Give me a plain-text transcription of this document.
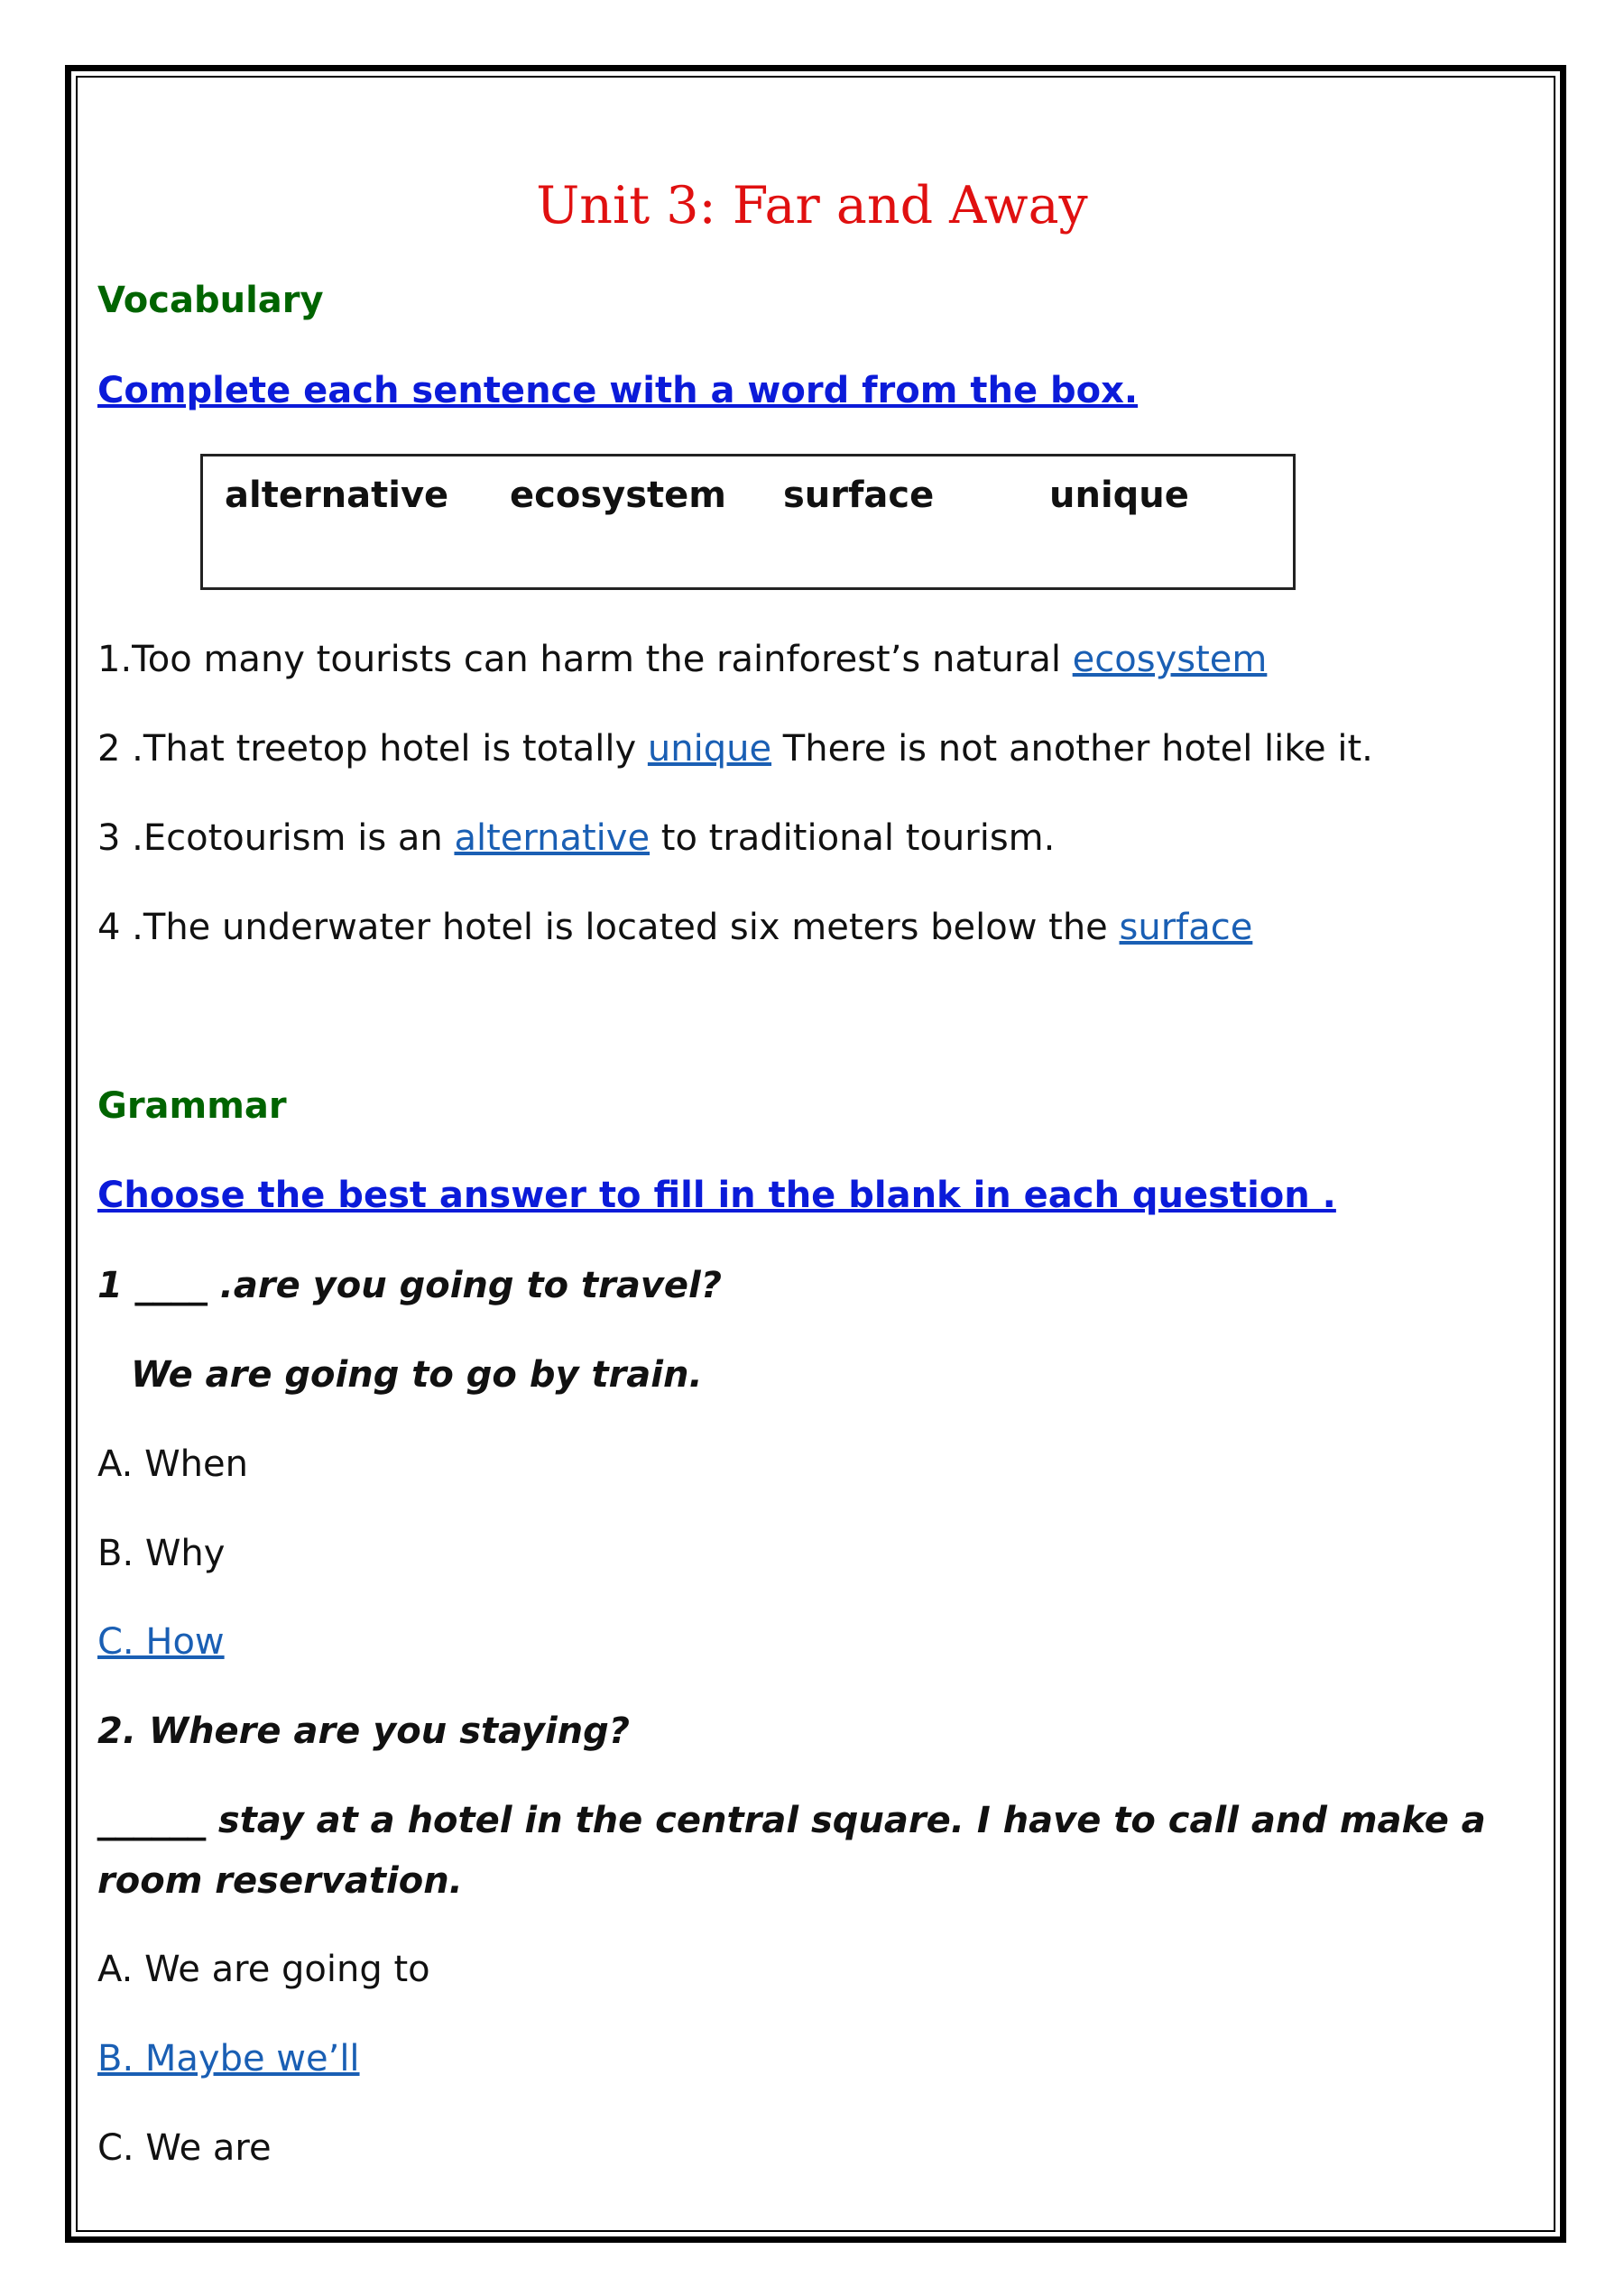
Unit 3: Far and Away
Vocabulary
Complete each sentence with a word from the box.
alternative ecosystem surface	unique
1.Too many tourists can harm the rainforest’s natural ecosystem
2 .That treetop hotel is totally unique There is not another hotel like it.
3 .Ecotourism is an alternative to traditional tourism.
4 .The underwater hotel is located six meters below the surface
Grammar
Choose the best answer to fill in the blank in each question .
1 ____ .are you going to travel?
We are going to go by train.
A. When
B. Why
C. How
2. Where are you staying?
______ stay at a hotel in the central square. I have to call and make a
room reservation.
A. We are going to
B. Maybe we’ll
C. We are
